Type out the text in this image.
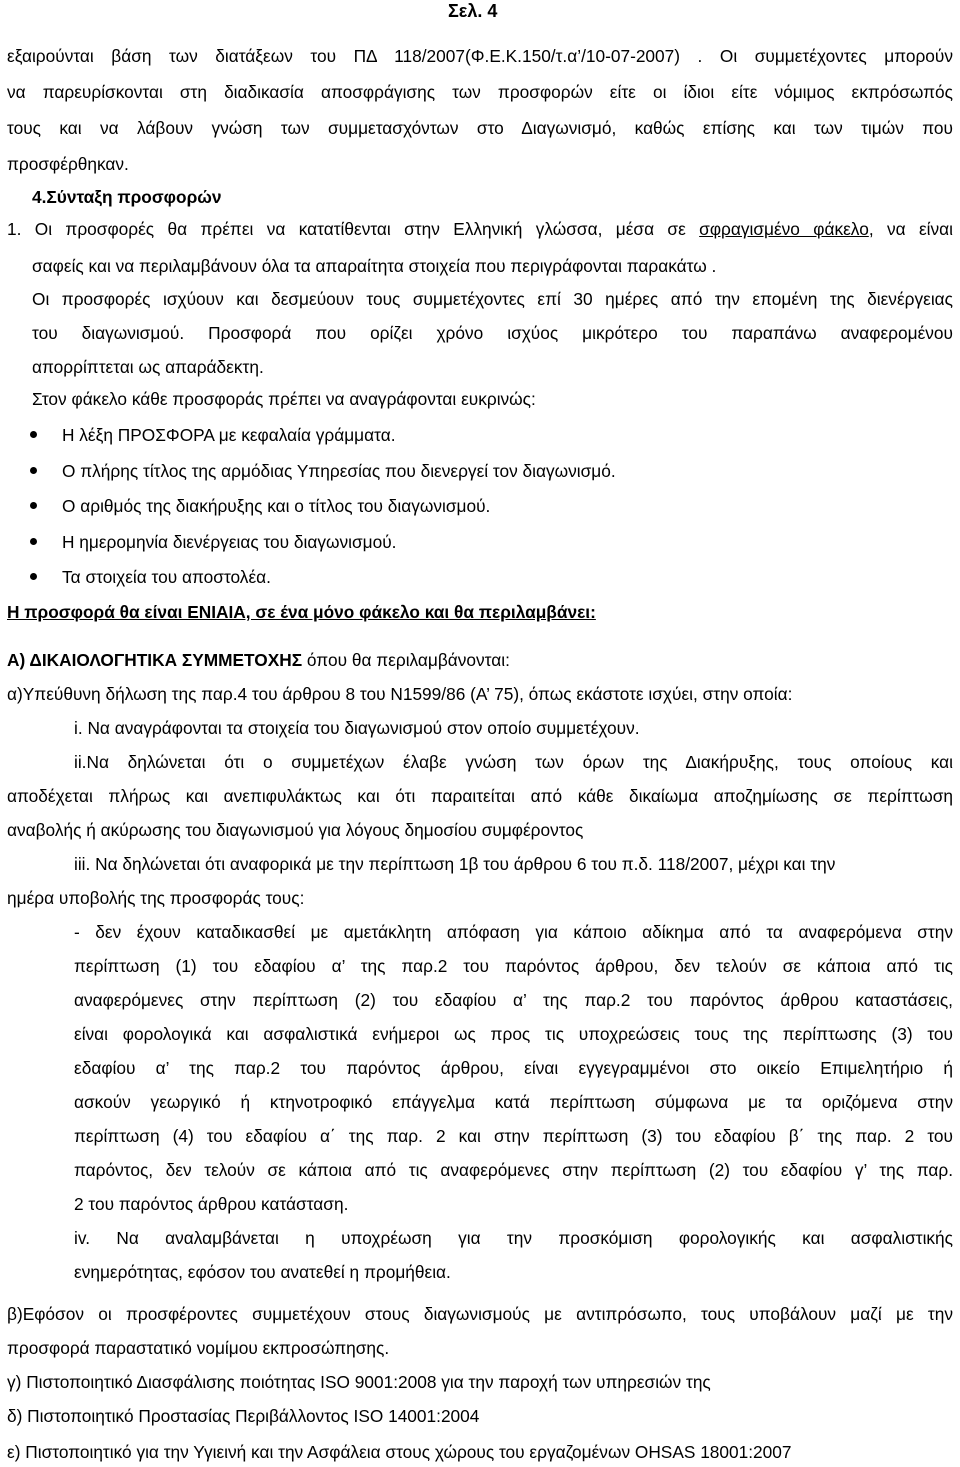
Σελ. 4
εξαιρούνται βάση των διατάξεων του ΠΔ 118/2007(Φ.Ε.Κ.150/τ.α’/10-07-2007) . Οι συμμετέχοντες μπορούν
να παρευρίσκονται στη διαδικασία αποσφράγισης των προσφορών είτε οι ίδιοι είτε νόμιμος εκπρόσωπός
τους και να λάβουν γνώση των συμμετασχόντων στο Διαγωνισμό, καθώς επίσης και των τιμών που
προσφέρθηκαν.
4.Σύνταξη προσφορών
1. Οι προσφορές θα πρέπει να κατατίθενται στην Ελληνική γλώσσα, μέσα σε σφραγισμένο φάκελο, να είναι
σαφείς και να περιλαμβάνουν όλα τα απαραίτητα στοιχεία που περιγράφονται παρακάτω .
Οι προσφορές ισχύουν και δεσμεύουν τους συμμετέχοντες επί 30 ημέρες από την επομένη της διενέργειας
του διαγωνισμού. Προσφορά που ορίζει χρόνο ισχύος μικρότερο του παραπάνω αναφερομένου
απορρίπτεται ως απαράδεκτη.
Στον φάκελο κάθε προσφοράς πρέπει να αναγράφονται ευκρινώς:
Η λέξη ΠΡΟΣΦΟΡΑ με κεφαλαία γράμματα.
Ο πλήρης τίτλος της αρμόδιας Υπηρεσίας που διενεργεί τον διαγωνισμό.
Ο αριθμός της διακήρυξης και ο τίτλος του διαγωνισμού.
Η ημερομηνία διενέργειας του διαγωνισμού.
Τα στοιχεία του αποστολέα.
Η προσφορά θα είναι ΕΝΙΑΙΑ, σε ένα μόνο φάκελο και θα περιλαμβάνει:
Α) ΔΙΚΑΙΟΛΟΓΗΤΙΚΑ ΣΥΜΜΕΤΟΧΗΣ όπου θα περιλαμβάνονται:
α)Υπεύθυνη δήλωση της παρ.4 του άρθρου 8 του Ν1599/86 (Α’ 75), όπως εκάστοτε ισχύει, στην οποία:
i. Να αναγράφονται τα στοιχεία του διαγωνισμού στον οποίο συμμετέχουν.
ii.Να δηλώνεται ότι ο συμμετέχων έλαβε γνώση των όρων της Διακήρυξης, τους οποίους και
αποδέχεται πλήρως και ανεπιφυλάκτως και ότι παραιτείται από κάθε δικαίωμα αποζημίωσης σε περίπτωση
αναβολής ή ακύρωσης του διαγωνισμού για λόγους δημοσίου συμφέροντος
iii. Να δηλώνεται ότι αναφορικά με την περίπτωση 1β του άρθρου 6 του π.δ. 118/2007, μέχρι και την
ημέρα υποβολής της προσφοράς τους:
- δεν έχουν καταδικασθεί με αμετάκλητη απόφαση για κάποιο αδίκημα από τα αναφερόμενα στην
περίπτωση (1) του εδαφίου α’ της παρ.2 του παρόντος άρθρου, δεν τελούν σε κάποια από τις
αναφερόμενες στην περίπτωση (2) του εδαφίου α’ της παρ.2 του παρόντος άρθρου καταστάσεις,
είναι φορολογικά και ασφαλιστικά ενήμεροι ως προς τις υποχρεώσεις τους της περίπτωσης (3) του
εδαφίου α’ της παρ.2 του παρόντος άρθρου, είναι εγγεγραμμένοι στο οικείο Επιμελητήριο ή
ασκούν γεωργικό ή κτηνοτροφικό επάγγελμα κατά περίπτωση σύμφωνα με τα οριζόμενα στην
περίπτωση (4) του εδαφίου α΄ της παρ. 2 και στην περίπτωση (3) του εδαφίου β΄ της παρ. 2 του
παρόντος, δεν τελούν σε κάποια από τις αναφερόμενες στην περίπτωση (2) του εδαφίου γ’ της παρ.
2 του παρόντος άρθρου κατάσταση.
iv. Να αναλαμβάνεται η υποχρέωση για την προσκόμιση φορολογικής και ασφαλιστικής
ενημερότητας, εφόσον του ανατεθεί η προμήθεια.
β)Εφόσον οι προσφέροντες συμμετέχουν στους διαγωνισμούς με αντιπρόσωπο, τους υποβάλουν μαζί με την
προσφορά παραστατικό νομίμου εκπροσώπησης.
γ) Πιστοποιητικό Διασφάλισης ποιότητας ISO 9001:2008 για την παροχή των υπηρεσιών της
δ) Πιστοποιητικό Προστασίας Περιβάλλοντος ISO 14001:2004
ε) Πιστοποιητικό για την Υγιεινή και την Ασφάλεια στους χώρους του εργαζομένων OHSAS 18001:2007
